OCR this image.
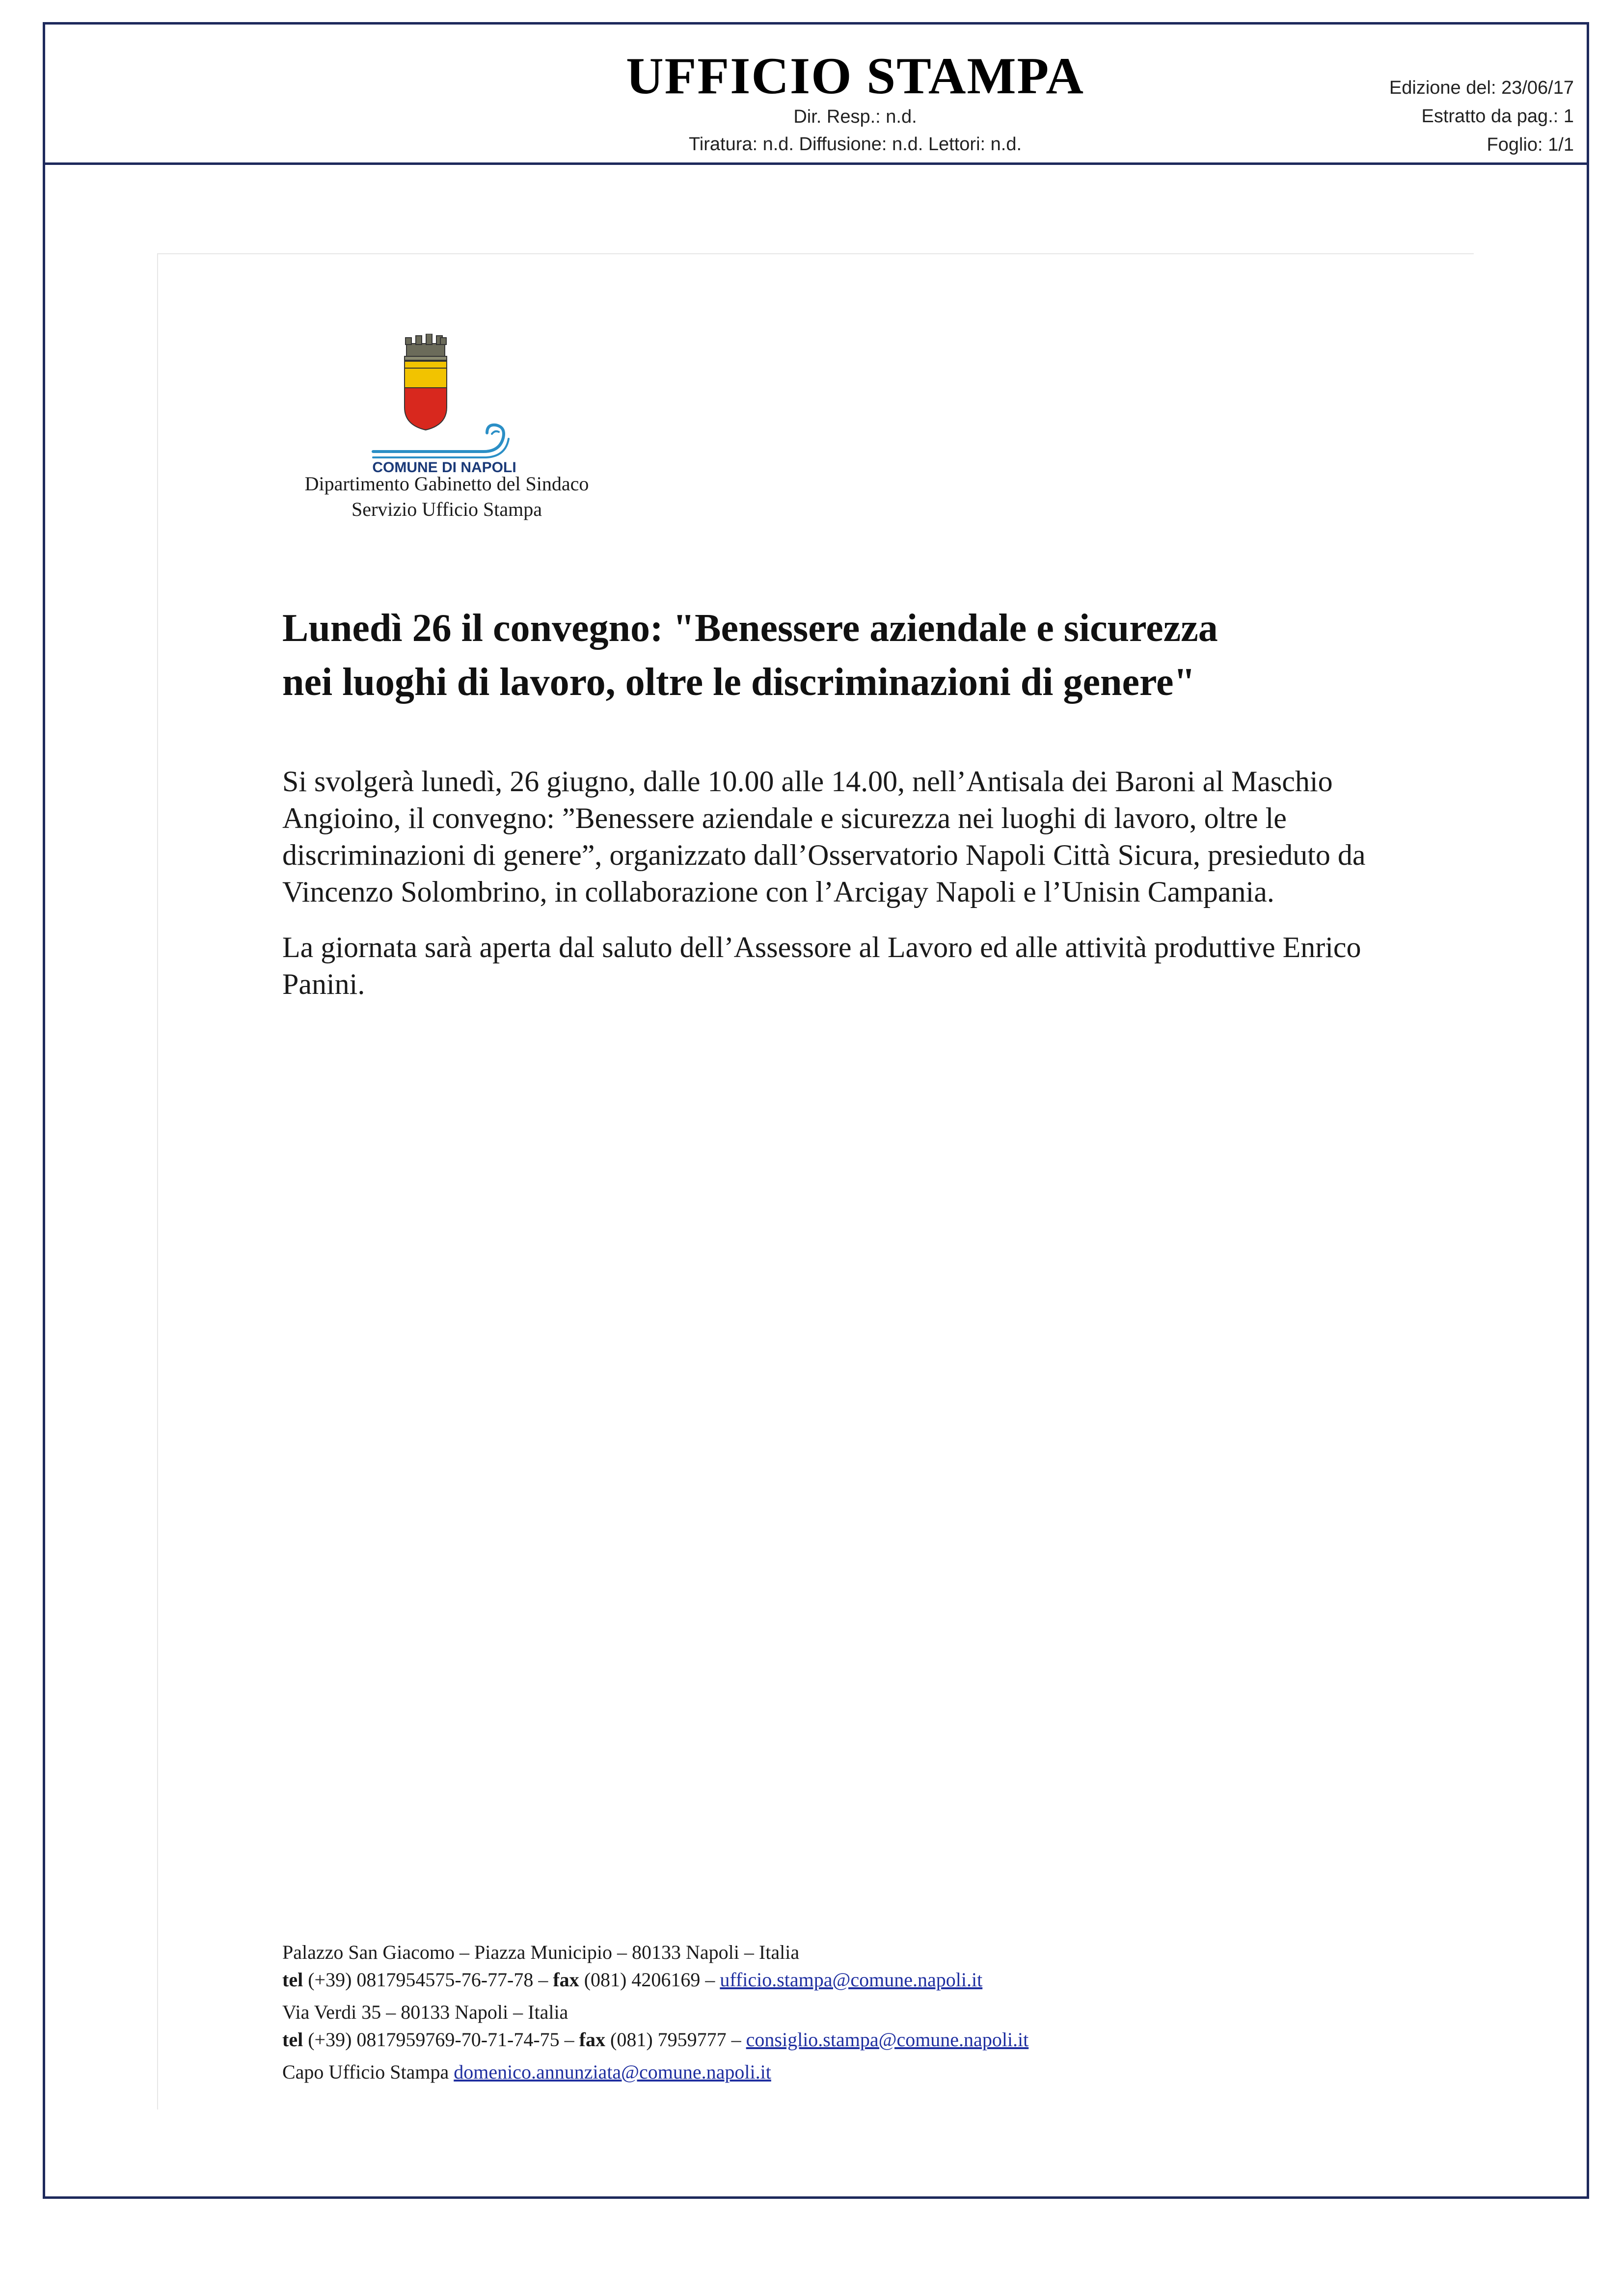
UFFICIO STAMPA
Dir. Resp.: n.d.
Tiratura: n.d. Diffusione: n.d. Lettori: n.d.
Edizione del: 23/06/17
Estratto da pag.: 1
Foglio: 1/1
COMUNE DI NAPOLI
Dipartimento Gabinetto del Sindaco
Servizio Ufficio Stampa
Lunedì 26 il convegno: "Benessere aziendale e sicurezza
nei luoghi di lavoro, oltre le discriminazioni di genere"

Si svolgerà lunedì, 26 giugno, dalle 10.00 alle 14.00, nell’Antisala dei Baroni al Maschio Angioino, il convegno: ”Benessere aziendale e sicurezza nei luoghi di lavoro, oltre le discriminazioni di genere”, organizzato dall’Osservatorio Napoli Città Sicura, presieduto da Vincenzo Solombrino, in collaborazione con l’Arcigay Napoli e l’Unisin Campania.

La giornata sarà aperta dal saluto dell’Assessore al Lavoro ed alle attività produttive Enrico Panini.

Palazzo San Giacomo – Piazza Municipio – 80133 Napoli – Italia
tel (+39) 0817954575-76-77-78 – fax (081) 4206169 – ufficio.stampa@comune.napoli.it
Via Verdi 35 – 80133 Napoli – Italia
tel (+39) 0817959769-70-71-74-75 – fax (081) 7959777 – consiglio.stampa@comune.napoli.it
Capo Ufficio Stampa domenico.annunziata@comune.napoli.it
